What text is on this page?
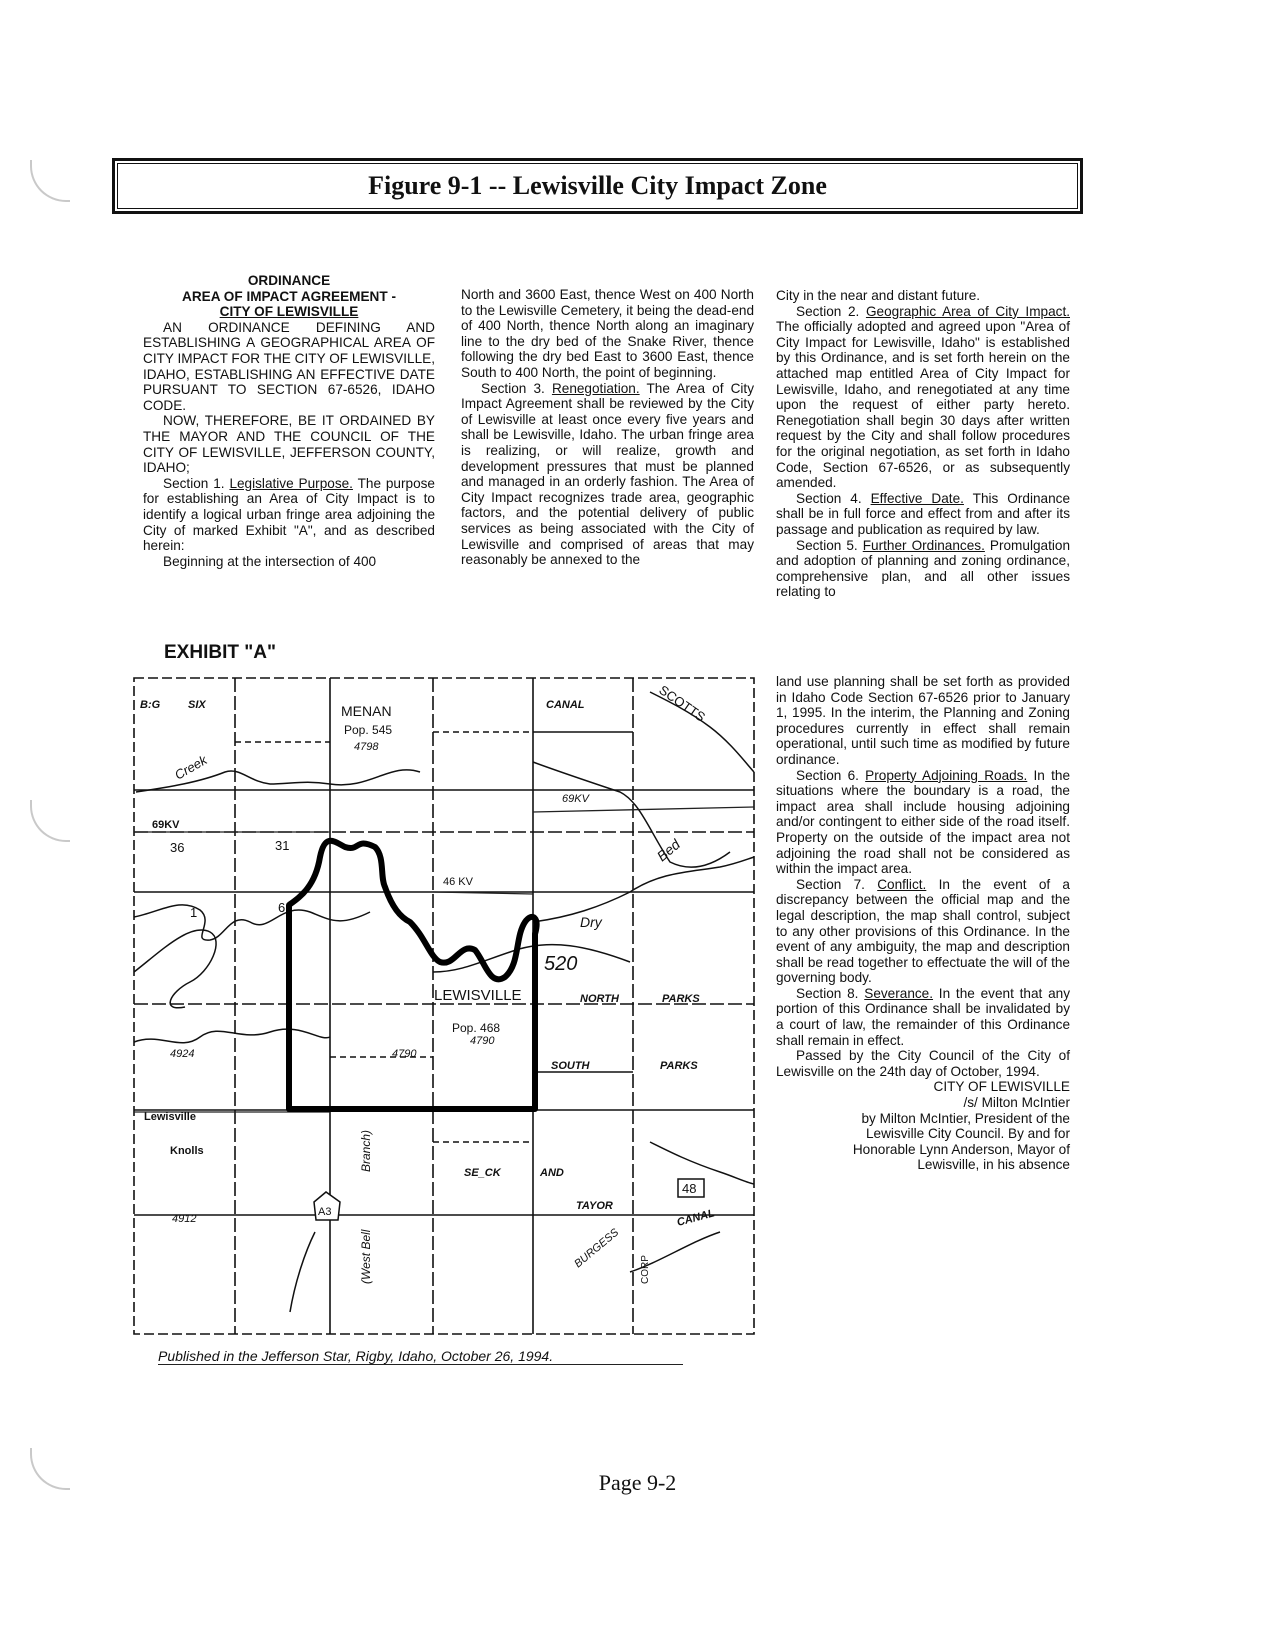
Figure 9-1 -- Lewisville City Impact Zone

ORDINANCE

AREA OF IMPACT AGREEMENT -

CITY OF LEWISVILLE

AN ORDINANCE DEFINING AND ESTABLISHING A GEOGRAPHICAL AREA OF CITY IMPACT FOR THE CITY OF LEWISVILLE, IDAHO, ESTABLISHING AN EFFECTIVE DATE PURSUANT TO SECTION 67-6526, IDAHO CODE.

NOW, THEREFORE, BE IT ORDAINED BY THE MAYOR AND THE COUNCIL OF THE CITY OF LEWISVILLE, JEFFERSON COUNTY, IDAHO;

Section 1. Legislative Purpose. The purpose for establishing an Area of City Impact is to identify a logical urban fringe area adjoining the City of marked Exhibit "A", and as described herein:

Beginning at the intersection of 400

EXHIBIT "A"

North and 3600 East, thence West on 400 North to the Lewisville Cemetery, it being the dead-end of 400 North, thence North along an imaginary line to the dry bed of the Snake River, thence following the dry bed East to 3600 East, thence South to 400 North, the point of beginning.

Section 3. Renegotiation. The Area of City Impact Agreement shall be reviewed by the City of Lewisville at least once every five years and shall be Lewisville, Idaho. The urban fringe area is realizing, or will realize, growth and development pressures that must be planned and managed in an orderly fashion. The Area of City Impact recognizes trade area, geographic factors, and the potential delivery of public services as being associated with the City of Lewisville and comprised of areas that may reasonably be annexed to the

City in the near and distant future.

Section 2. Geographic Area of City Impact. The officially adopted and agreed upon "Area of City Impact for Lewisville, Idaho" is established by this Ordinance, and is set forth herein on the attached map entitled Area of City Impact for Lewisville, Idaho, and renegotiated at any time upon the request of either party hereto. Renegotiation shall begin 30 days after written request by the City and shall follow procedures for the original negotiation, as set forth in Idaho Code, Section 67-6526, or as subsequently amended.

Section 4. Effective Date. This Ordinance shall be in full force and effect from and after its passage and publication as required by law.

Section 5. Further Ordinances. Promulgation and adoption of planning and zoning ordinance, comprehensive plan, and all other issues relating to

land use planning shall be set forth as provided in Idaho Code Section 67-6526 prior to January 1, 1995. In the interim, the Planning and Zoning procedures currently in effect shall remain operational, until such time as modified by future ordinance.

Section 6. Property Adjoining Roads. In the situations where the boundary is a road, the impact area shall include housing adjoining and/or contingent to either side of the road itself. Property on the outside of the impact area not adjoining the road shall not be considered as within the impact area.

Section 7. Conflict. In the event of a discrepancy between the official map and the legal description, the map shall control, subject to any other provisions of this Ordinance. In the event of any ambiguity, the map and description shall be read together to effectuate the will of the governing body.

Section 8. Severance. In the event that any portion of this Ordinance shall be invalidated by a court of law, the remainder of this Ordinance shall remain in effect.

Passed by the City Council of the City of Lewisville on the 24th day of October, 1994.

CITY OF LEWISVILLE

/s/ Milton McIntier

by Milton McIntier, President of the

Lewisville City Council. By and for

Honorable Lynn Anderson, Mayor of

Lewisville, in his absence

B:G	SIX	MENAN
Pop. 545
4798
CANAL	SCOTTS
Creek
69KV
69KV
46 KV
36	31
6
1
Bed
Dry
520
LEWISVILLE
Pop. 468
4790
4790
NORTH	PARKS
SOUTH	PARKS
4924
Lewisville
Knolls
4912
Branch)
(West Bell
SE_CK	AND
TAYOR
BURGESS
CANAL
CORP
48
A3
Published in the Jefferson Star, Rigby, Idaho, October 26, 1994.
Page 9-2
